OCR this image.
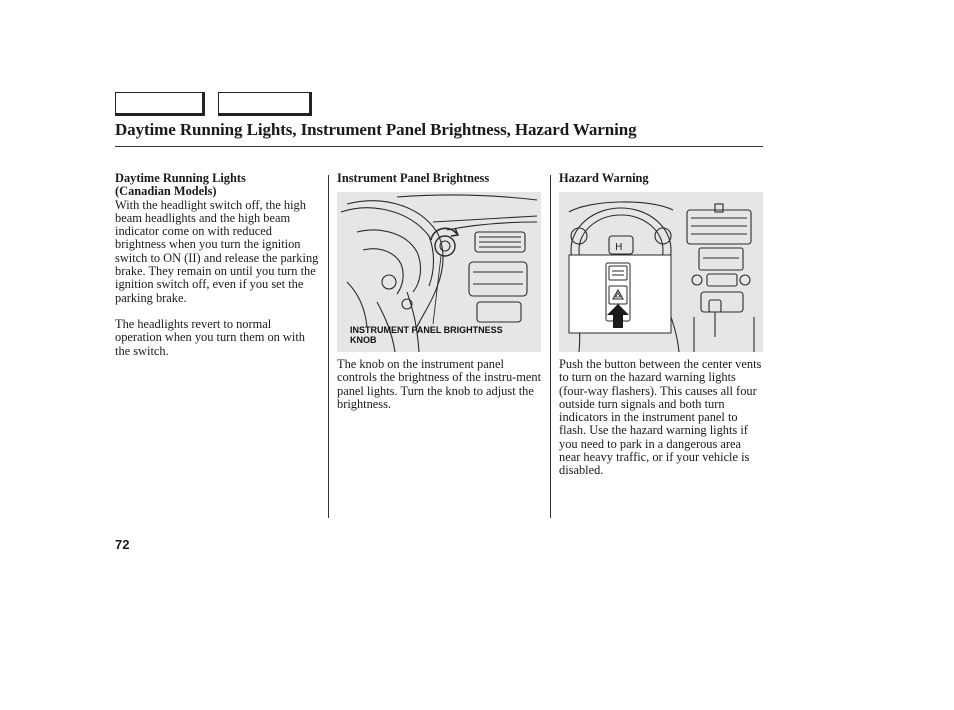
Daytime Running Lights, Instrument Panel Brightness, Hazard Warning
Daytime Running Lights
(Canadian Models)
With the headlight switch off, the high beam headlights and the high beam indicator come on with reduced brightness when you turn the ignition switch to ON (II) and release the parking brake. They remain on until you turn the ignition switch off, even if you set the parking brake.
The headlights revert to normal operation when you turn them on with the switch.
Instrument Panel Brightness
INSTRUMENT PANEL BRIGHTNESS
KNOB
The knob on the instrument panel controls the brightness of the instru-ment panel lights. Turn the knob to adjust the brightness.
Hazard Warning
H
Push the button between the center vents to turn on the hazard warning lights (four-way flashers). This causes all four outside turn signals and both turn indicators in the instrument panel to flash. Use the hazard warning lights if you need to park in a dangerous area near heavy traffic, or if your vehicle is disabled.
72
